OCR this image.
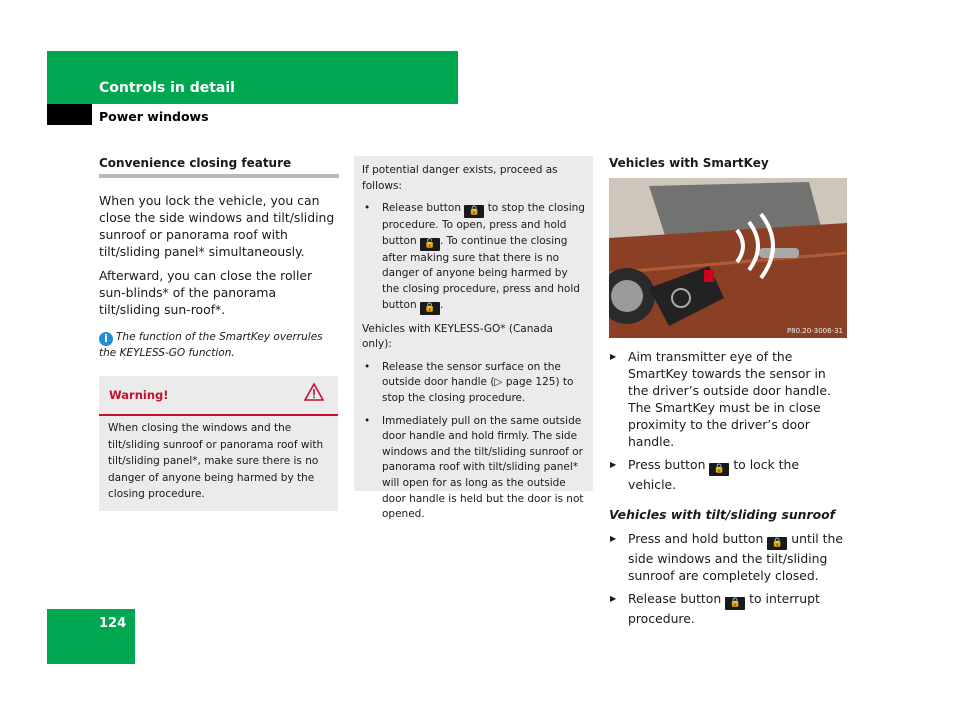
Controls in detail
Power windows
Convenience closing feature

When you lock the vehicle, you can close the side windows and tilt/sliding sunroof or panorama roof with tilt/sliding panel* simultaneously.

Afterward, you can close the roller sun-blinds* of the panorama tilt/sliding sun-roof*.

i The function of the SmartKey overrules the KEYLESS-GO function.
Warning!
When closing the windows and the tilt/sliding sunroof or panorama roof with tilt/sliding panel*, make sure there is no danger of anyone being harmed by the closing procedure.

If potential danger exists, proceed as follows:

• Release button 🔒 to stop the closing procedure. To open, press and hold button 🔓 . To continue the closing after making sure that there is no danger of anyone being harmed by the closing procedure, press and hold button 🔒 .

Vehicles with KEYLESS-GO* (Canada only):

• Release the sensor surface on the outside door handle (▷ page 125) to stop the closing procedure.
• Immediately pull on the same outside door handle and hold firmly. The side windows and the tilt/sliding sunroof or panorama roof with tilt/sliding panel* will open for as long as the outside door handle is held but the door is not opened.
Vehicles with SmartKey
P80.20-3006-31
▶ Aim transmitter eye of the SmartKey towards the sensor in the driver’s outside door handle. The SmartKey must be in close proximity to the driver’s door handle.
▶ Press button 🔒 to lock the vehicle.
Vehicles with tilt/sliding sunroof
▶ Press and hold button 🔒 until the side windows and the tilt/sliding sunroof are completely closed.
▶ Release button 🔒 to interrupt procedure.
124
